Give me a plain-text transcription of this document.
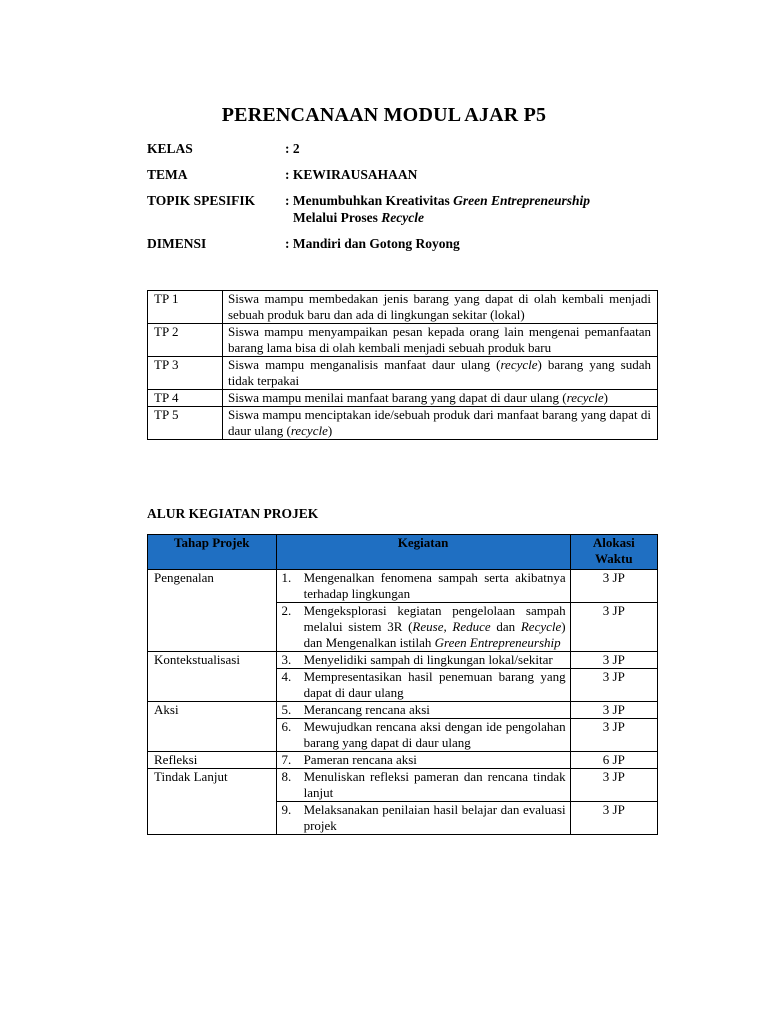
PERENCANAAN MODUL AJAR P5
KELAS	: 2
TEMA	: KEWIRAUSAHAAN
TOPIK SPESIFIK : Menumbuhkan Kreativitas Green Entrepreneurship
Melalui Proses Recycle
DIMENSI	: Mandiri dan Gotong Royong
TP 1	Siswa mampu membedakan jenis barang yang dapat di olah kembali menjadi sebuah produk baru dan ada di lingkungan sekitar (lokal)
TP 2	Siswa mampu menyampaikan pesan kepada orang lain mengenai pemanfaatan barang lama bisa di olah kembali menjadi sebuah produk baru
TP 3	Siswa mampu menganalisis manfaat daur ulang (recycle) barang yang sudah tidak terpakai
TP 4	Siswa mampu menilai manfaat barang yang dapat di daur ulang (recycle)
TP 5	Siswa mampu menciptakan ide/sebuah produk dari manfaat barang yang dapat di daur ulang (recycle)
ALUR KEGIATAN PROJEK
Tahap Projek	Kegiatan		Alokasi Waktu
Pengenalan	1.	Mengenalkan fenomena sampah serta akibatnya terhadap lingkungan	3 JP
	2.	Mengeksplorasi kegiatan pengelolaan sampah melalui sistem 3R (Reuse, Reduce dan Recycle) dan Mengenalkan istilah Green Entrepreneurship	3 JP
Kontekstualisasi	3.	Menyelidiki sampah di lingkungan lokal/sekitar	3 JP
	4.	Mempresentasikan hasil penemuan barang yang dapat di daur ulang	3 JP
Aksi	5.	Merancang rencana aksi	3 JP
	6.	Mewujudkan rencana aksi dengan ide pengolahan barang yang dapat di daur ulang	3 JP
Refleksi	7.	Pameran rencana aksi	6 JP
Tindak Lanjut	8.	Menuliskan refleksi pameran dan rencana tindak lanjut	3 JP
	9.	Melaksanakan penilaian hasil belajar dan evaluasi projek	3 JP
